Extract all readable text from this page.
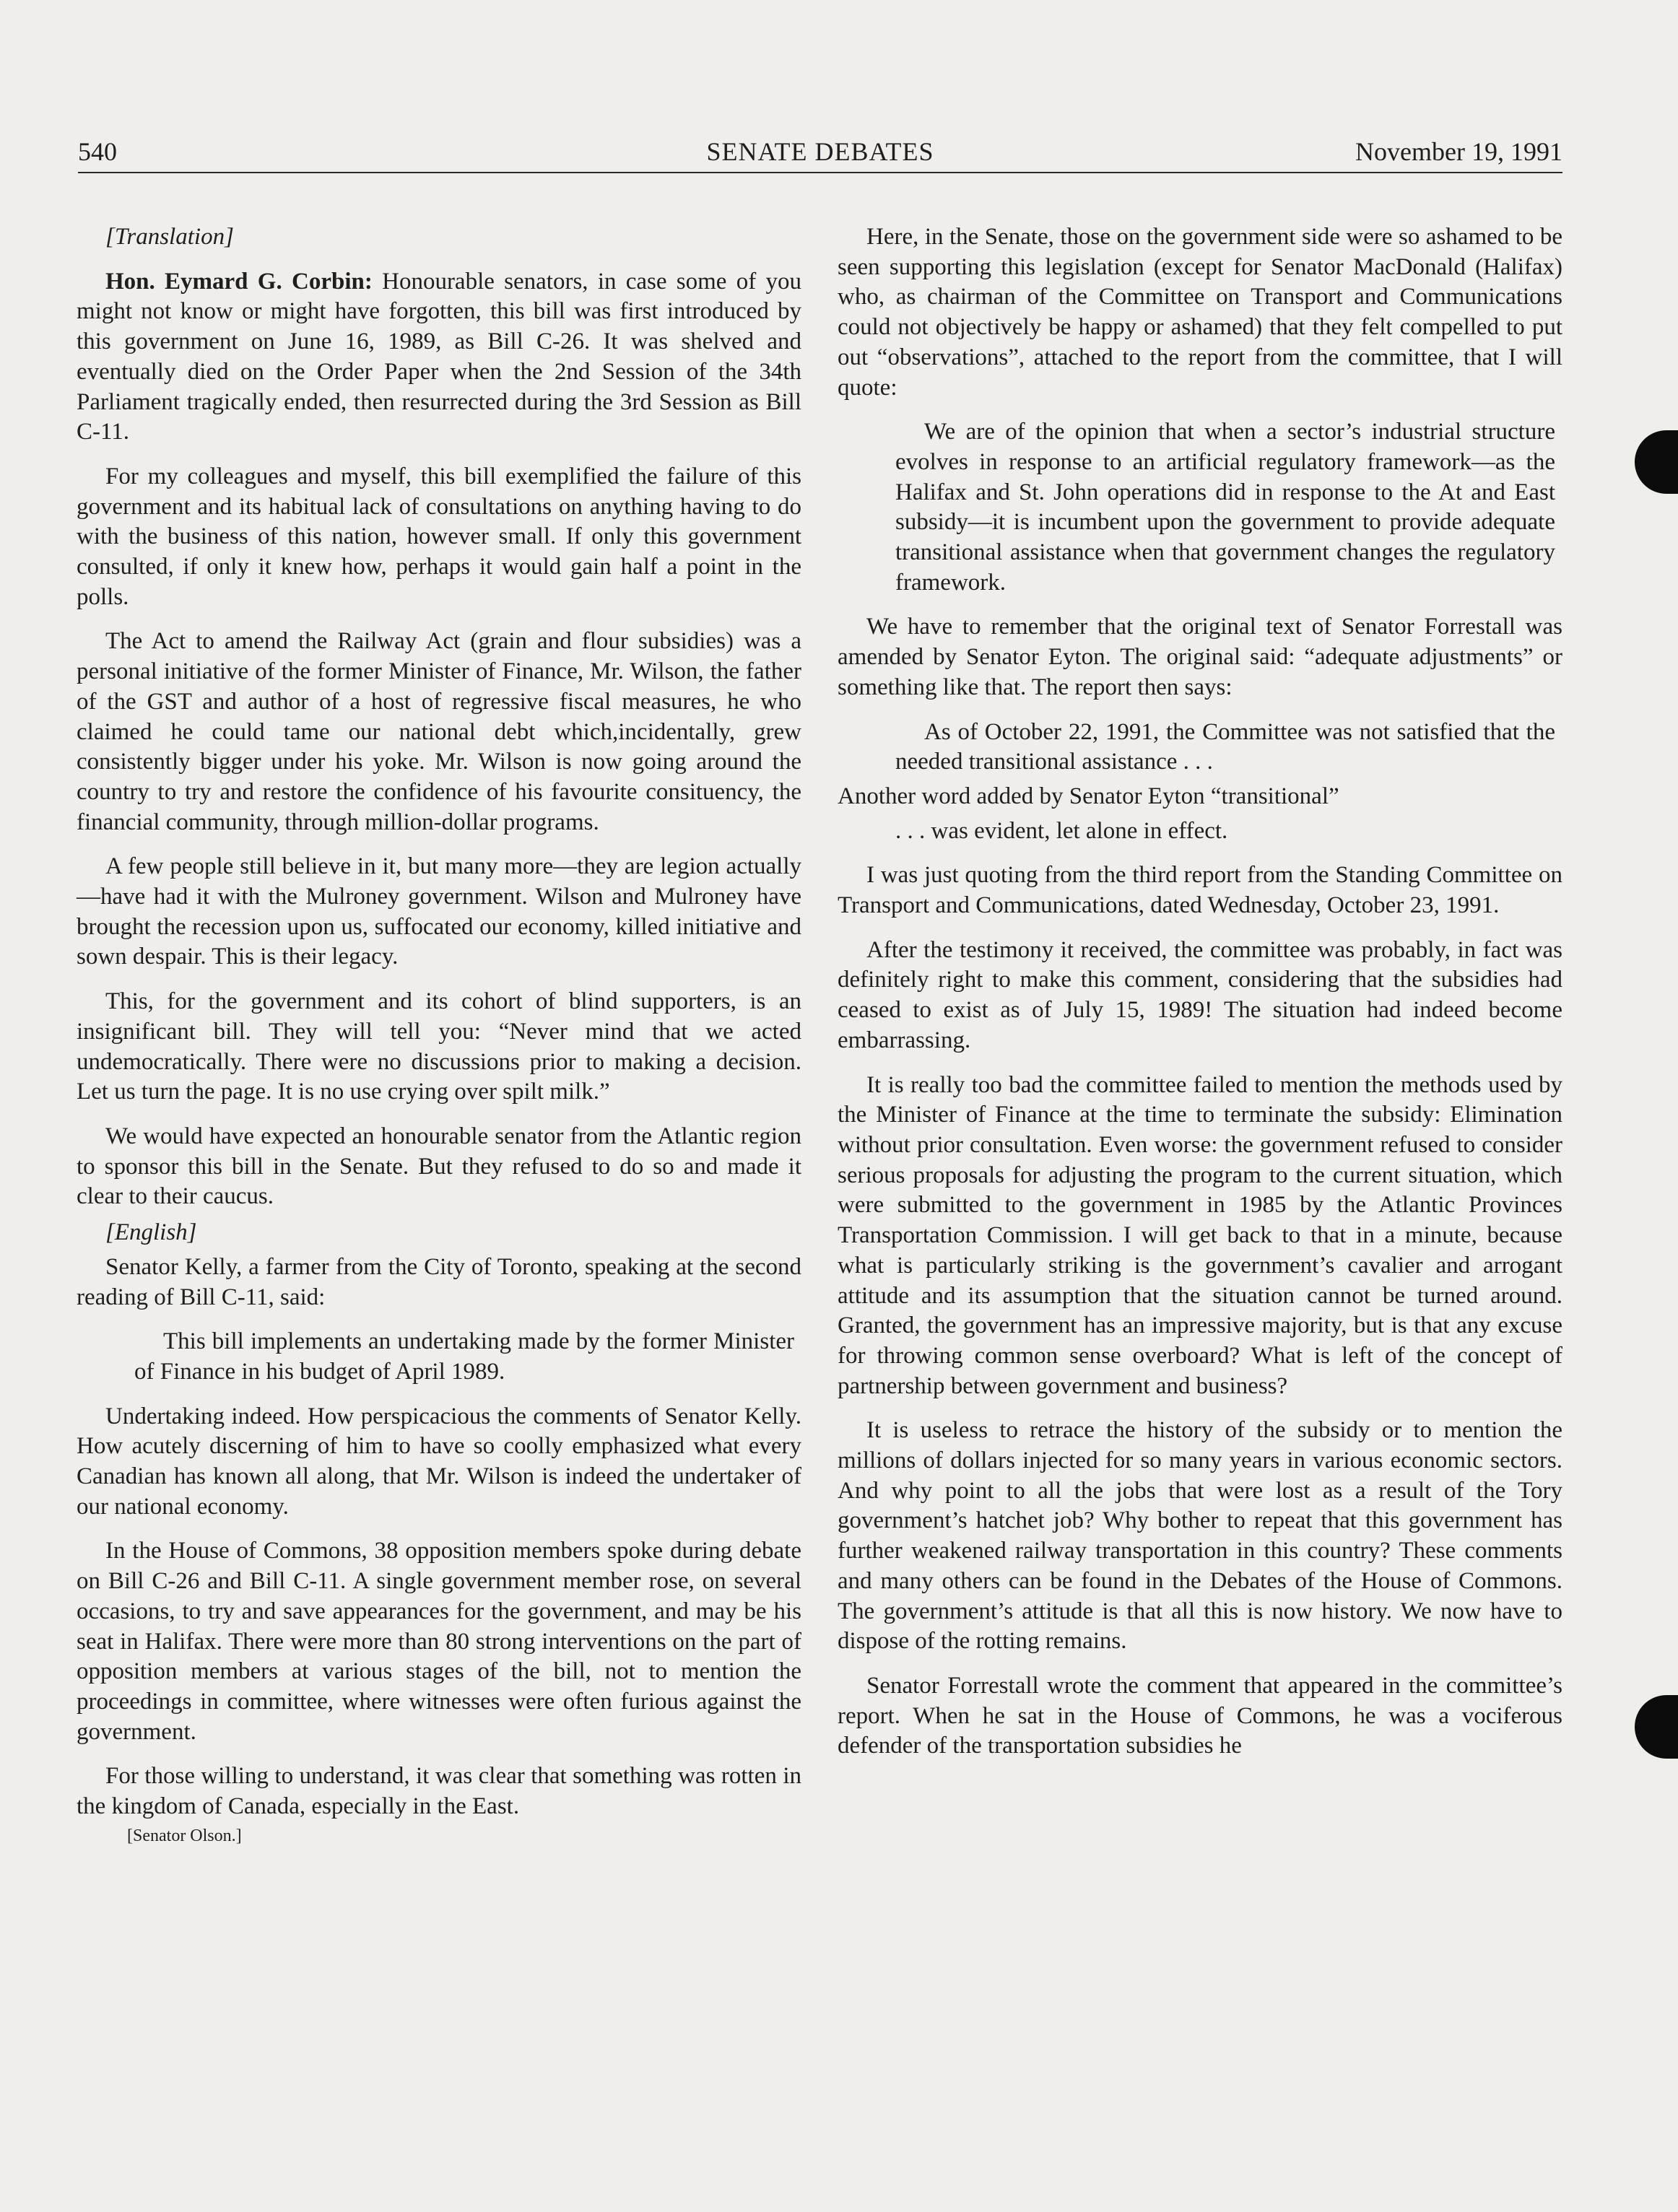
540	SENATE DEBATES	November 19, 1991

[Translation]

Hon. Eymard G. Corbin: Honourable senators, in case some of you might not know or might have forgotten, this bill was first introduced by this government on June 16, 1989, as Bill C-26. It was shelved and eventually died on the Order Paper when the 2nd Session of the 34th Parliament tragically ended, then resurrected during the 3rd Session as Bill C-11.

For my colleagues and myself, this bill exemplified the failure of this government and its habitual lack of consultations on anything having to do with the business of this nation, however small. If only this government consulted, if only it knew how, perhaps it would gain half a point in the polls.

The Act to amend the Railway Act (grain and flour subsidies) was a personal initiative of the former Minister of Finance, Mr. Wilson, the father of the GST and author of a host of regressive fiscal measures, he who claimed he could tame our national debt which,incidentally, grew consistently bigger under his yoke. Mr. Wilson is now going around the country to try and restore the confidence of his favourite consituency, the financial community, through million-dollar programs.

A few people still believe in it, but many more—they are legion actually—have had it with the Mulroney government. Wilson and Mulroney have brought the recession upon us, suffocated our economy, killed initiative and sown despair. This is their legacy.

This, for the government and its cohort of blind supporters, is an insignificant bill. They will tell you: “Never mind that we acted undemocratically. There were no discussions prior to making a decision. Let us turn the page. It is no use crying over spilt milk.”

We would have expected an honourable senator from the Atlantic region to sponsor this bill in the Senate. But they refused to do so and made it clear to their caucus.

[English]

Senator Kelly, a farmer from the City of Toronto, speaking at the second reading of Bill C-11, said:

This bill implements an undertaking made by the former Minister of Finance in his budget of April 1989.

Undertaking indeed. How perspicacious the comments of Senator Kelly. How acutely discerning of him to have so coolly emphasized what every Canadian has known all along, that Mr. Wilson is indeed the undertaker of our national economy.

In the House of Commons, 38 opposition members spoke during debate on Bill C-26 and Bill C-11. A single government member rose, on several occasions, to try and save appearances for the government, and may be his seat in Halifax. There were more than 80 strong interventions on the part of opposition members at various stages of the bill, not to mention the proceedings in committee, where witnesses were often furious against the government.

For those willing to understand, it was clear that something was rotten in the kingdom of Canada, especially in the East.

[Senator Olson.]

Here, in the Senate, those on the government side were so ashamed to be seen supporting this legislation (except for Senator MacDonald (Halifax) who, as chairman of the Committee on Transport and Communications could not objectively be happy or ashamed) that they felt compelled to put out “observations”, attached to the report from the committee, that I will quote:

We are of the opinion that when a sector’s industrial structure evolves in response to an artificial regulatory framework—as the Halifax and St. John operations did in response to the At and East subsidy—it is incumbent upon the government to provide adequate transitional assistance when that government changes the regulatory framework.

We have to remember that the original text of Senator Forrestall was amended by Senator Eyton. The original said: “adequate adjustments” or something like that. The report then says:

As of October 22, 1991, the Committee was not satisfied that the needed transitional assistance . . .

Another word added by Senator Eyton “transitional”

. . . was evident, let alone in effect.

I was just quoting from the third report from the Standing Committee on Transport and Communications, dated Wednesday, October 23, 1991.

After the testimony it received, the committee was probably, in fact was definitely right to make this comment, considering that the subsidies had ceased to exist as of July 15, 1989! The situation had indeed become embarrassing.

It is really too bad the committee failed to mention the methods used by the Minister of Finance at the time to terminate the subsidy: Elimination without prior consultation. Even worse: the government refused to consider serious proposals for adjusting the program to the current situation, which were submitted to the government in 1985 by the Atlantic Provinces Transportation Commission. I will get back to that in a minute, because what is particularly striking is the government’s cavalier and arrogant attitude and its assumption that the situation cannot be turned around. Granted, the government has an impressive majority, but is that any excuse for throwing common sense overboard? What is left of the concept of partnership between government and business?

It is useless to retrace the history of the subsidy or to mention the millions of dollars injected for so many years in various economic sectors. And why point to all the jobs that were lost as a result of the Tory government’s hatchet job? Why bother to repeat that this government has further weakened railway transportation in this country? These comments and many others can be found in the Debates of the House of Commons. The government’s attitude is that all this is now history. We now have to dispose of the rotting remains.

Senator Forrestall wrote the comment that appeared in the committee’s report. When he sat in the House of Commons, he was a vociferous defender of the transportation subsidies he
